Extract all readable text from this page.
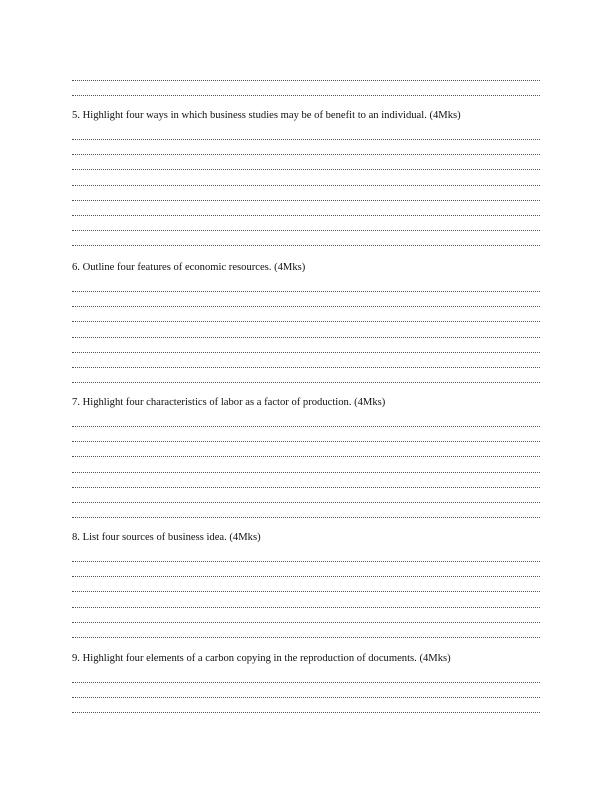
5. Highlight four ways in which business studies may be of benefit to an individual. (4Mks)
6. Outline four features of economic resources. (4Mks)
7. Highlight four characteristics of labor as a factor of production. (4Mks)
8. List four sources of business idea. (4Mks)
9. Highlight four elements of a carbon copying in the reproduction of documents. (4Mks)
